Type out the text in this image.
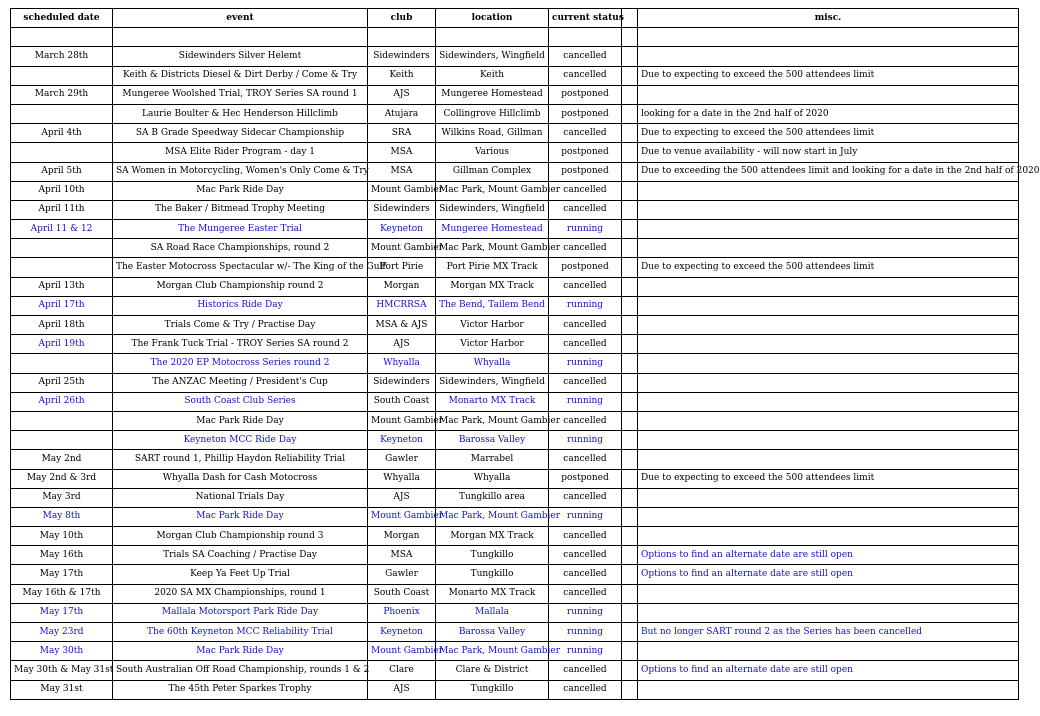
scheduled date	event	club	location	current status		misc.

March 28th	Sidewinders Silver Helemt	Sidewinders	Sidewinders, Wingfield	cancelled		
	Keith & Districts Diesel & Dirt Derby / Come & Try	Keith	Keith	cancelled		Due to expecting to exceed the 500 attendees limit
March 29th	Mungeree Woolshed Trial, TROY Series SA round 1	AJS	Mungeree Homestead	postponed		
	Laurie Boulter & Hec Henderson Hillclimb	Atujara	Collingrove Hillclimb	postponed		looking for a date in the 2nd half of 2020
April 4th	SA B Grade Speedway Sidecar Championship	SRA	Wilkins Road, Gillman	cancelled		Due to expecting to exceed the 500 attendees limit
	MSA Elite Rider Program - day 1	MSA	Various	postponed		Due to venue availability - will now start in July
April 5th	SA Women in Motorcycling, Women's Only Come & Try	MSA	Gillman Complex	postponed		Due to exceeding the 500 attendees limit and looking for a date in the 2nd half of 2020
April 10th	Mac Park Ride Day	Mount Gambier	Mac Park, Mount Gambier	cancelled		
April 11th	The Baker / Bitmead Trophy Meeting	Sidewinders	Sidewinders, Wingfield	cancelled		
April 11 & 12	The Mungeree Easter Trial	Keyneton	Mungeree Homestead	running		
	SA Road Race Championships, round 2	Mount Gambier	Mac Park, Mount Gambier	cancelled		
	The Easter Motocross Spectacular w/- The King of the Gulf	Port Pirie	Port Pirie MX Track	postponed		Due to expecting to exceed the 500 attendees limit
April 13th	Morgan Club Championship round 2	Morgan	Morgan MX Track	cancelled		
April 17th	Historics Ride Day	HMCRRSA	The Bend, Tailem Bend	running		
April 18th	Trials Come & Try / Practise Day	MSA & AJS	Victor Harbor	cancelled		
April 19th	The Frank Tuck Trial - TROY Series SA round 2	AJS	Victor Harbor	cancelled		
	The 2020 EP Motocross Series round 2	Whyalla	Whyalla	running		
April 25th	The ANZAC Meeting / President's Cup	Sidewinders	Sidewinders, Wingfield	cancelled		
April 26th	South Coast Club Series	South Coast	Monarto MX Track	running		
	Mac Park Ride Day	Mount Gambier	Mac Park, Mount Gambier	cancelled		
	Keyneton MCC Ride Day	Keyneton	Barossa Valley	running		
May 2nd	SART round 1, Phillip Haydon Reliability Trial	Gawler	Marrabel	cancelled		
May 2nd & 3rd	Whyalla Dash for Cash Motocross	Whyalla	Whyalla	postponed		Due to expecting to exceed the 500 attendees limit
May 3rd	National Trials Day	AJS	Tungkillo area	cancelled		
May 8th	Mac Park Ride Day	Mount Gambier	Mac Park, Mount Gambier	running		
May 10th	Morgan Club Championship round 3	Morgan	Morgan MX Track	cancelled		
May 16th	Trials SA Coaching / Practise Day	MSA	Tungkillo	cancelled		Options to find an alternate date are still open
May 17th	Keep Ya Feet Up Trial	Gawler	Tungkillo	cancelled		Options to find an alternate date are still open
May 16th & 17th	2020 SA MX Championships, round 1	South Coast	Monarto MX Track	cancelled		
May 17th	Mallala Motorsport Park Ride Day	Phoenix	Mallala	running		
May 23rd	The 60th Keyneton MCC Reliability Trial	Keyneton	Barossa Valley	running		But no longer SART round 2 as the Series has been cancelled
May 30th	Mac Park Ride Day	Mount Gambier	Mac Park, Mount Gambier	running		
May 30th & May 31st	South Australian Off Road Championship, rounds 1 & 2	Clare	Clare & District	cancelled		Options to find an alternate date are still open
May 31st	The 45th Peter Sparkes Trophy	AJS	Tungkillo	cancelled		
